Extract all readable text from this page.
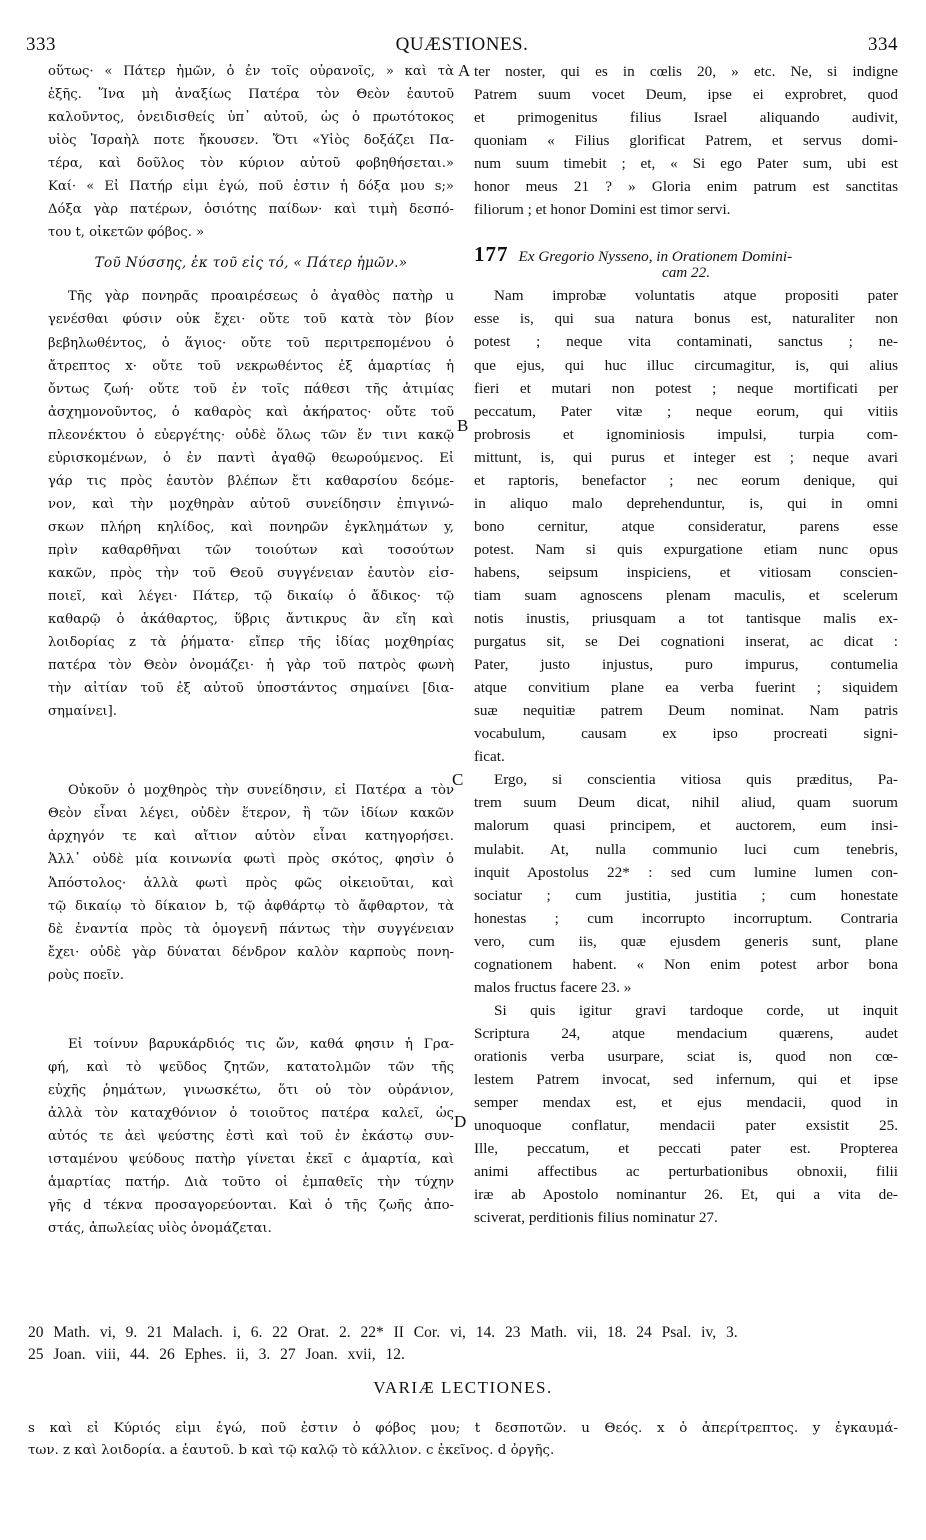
333	QUÆSTIONES.	334
A
B
C
D
οὕτως· « Πάτερ ἡμῶν, ὁ ἐν τοῖς οὐρανοῖς, » καὶ τὰ
ἑξῆς. Ἵνα μὴ ἀναξίως Πατέρα τὸν Θεὸν ἑαυτοῦ
καλοῦντος, ὀνειδισθείς ὑπ᾽ αὐτοῦ, ὡς ὁ πρωτότοκος
υἱὸς Ἰσραὴλ ποτε ἤκουσεν. Ὅτι «Υἱὸς δοξάζει Πα-
τέρα, καὶ δοῦλος τὸν κύριον αὐτοῦ φοβηθήσεται.»
Καί· « Εἰ Πατήρ εἰμι ἐγώ, ποῦ ἐστιν ἡ δόξα μου s;»
Δόξα γὰρ πατέρων, ὁσιότης παίδων· καὶ τιμὴ δεσπό-
του t, οἰκετῶν φόβος. »
Τοῦ Νύσσης, ἐκ τοῦ εἰς τό, « Πάτερ ἡμῶν.»
Τῆς γὰρ πονηρᾶς προαιρέσεως ὁ ἀγαθὸς πατὴρ u
γενέσθαι φύσιν οὐκ ἔχει· οὔτε τοῦ κατὰ τὸν βίον
βεβηλωθέντος, ὁ ἅγιος· οὔτε τοῦ περιτρεπομένου ὁ
ἄτρεπτος x· οὔτε τοῦ νεκρωθέντος ἐξ ἁμαρτίας ἡ
ὄντως ζωή· οὔτε τοῦ ἐν τοῖς πάθεσι τῆς ἀτιμίας
ἀσχημονοῦντος, ὁ καθαρὸς καὶ ἀκήρατος· οὔτε τοῦ
πλεονέκτου ὁ εὐεργέτης· οὐδὲ ὅλως τῶν ἔν τινι κακῷ
εὑρισκομένων, ὁ ἐν παντὶ ἀγαθῷ θεωρούμενος. Εἰ
γάρ τις πρὸς ἑαυτὸν βλέπων ἔτι καθαρσίου δεόμε-
νον, καὶ τὴν μοχθηρὰν αὐτοῦ συνείδησιν ἐπιγινώ-
σκων πλήρη κηλίδος, καὶ πονηρῶν ἐγκλημάτων y,
πρὶν καθαρθῆναι τῶν τοιούτων καὶ τοσούτων
κακῶν, πρὸς τὴν τοῦ Θεοῦ συγγένειαν ἑαυτὸν εἰσ-
ποιεῖ, καὶ λέγει· Πάτερ, τῷ δικαίῳ ὁ ἄδικος· τῷ
καθαρῷ ὁ ἀκάθαρτος, ὕβρις ἄντικρυς ἂν εἴη καὶ
λοιδορίας z τὰ ῥήματα· εἴπερ τῆς ἰδίας μοχθηρίας
πατέρα τὸν Θεὸν ὀνομάζει· ἡ γὰρ τοῦ πατρὸς φωνὴ
τὴν αἰτίαν τοῦ ἐξ αὐτοῦ ὑποστάντος σημαίνει [δια-
σημαίνει].
Οὐκοῦν ὁ μοχθηρὸς τὴν συνείδησιν, εἰ Πατέρα a τὸν
Θεὸν εἶναι λέγει, οὐδὲν ἕτερον, ἢ τῶν ἰδίων κακῶν
ἀρχηγόν τε καὶ αἴτιον αὐτὸν εἶναι κατηγορήσει.
Ἀλλ᾽ οὐδὲ μία κοινωνία φωτὶ πρὸς σκότος, φησὶν ὁ
Ἀπόστολος· ἀλλὰ φωτὶ πρὸς φῶς οἰκειοῦται, καὶ
τῷ δικαίῳ τὸ δίκαιον b, τῷ ἀφθάρτῳ τὸ ἄφθαρτον, τὰ
δὲ ἐναντία πρὸς τὰ ὁμογενῆ πάντως τὴν συγγένειαν
ἔχει· οὐδὲ γὰρ δύναται δένδρον καλὸν καρποὺς πονη-
ροὺς ποεῖν.
Εἰ τοίνυν βαρυκάρδιός τις ὤν, καθά φησιν ἡ Γρα-
φή, καὶ τὸ ψεῦδος ζητῶν, κατατολμῶν τῶν τῆς
εὐχῆς ῥημάτων, γινωσκέτω, ὅτι οὐ τὸν οὐράνιον,
ἀλλὰ τὸν καταχθόνιον ὁ τοιοῦτος πατέρα καλεῖ, ὡς
αὐτός τε ἀεὶ ψεύστης ἐστὶ καὶ τοῦ ἐν ἑκάστῳ συν-
ισταμένου ψεύδους πατὴρ γίνεται ἐκεῖ c ἁμαρτία, καὶ
ἁμαρτίας πατήρ. Διὰ τοῦτο οἱ ἐμπαθεῖς τὴν τύχην
γῆς d τέκνα προσαγορεύονται. Καὶ ὁ τῆς ζωῆς ἀπο-
στάς, ἀπωλείας υἱὸς ὀνομάζεται.
ter noster, qui es in cœlis 20, » etc. Ne, si indigne
Patrem suum vocet Deum, ipse ei exprobret, quod
et primogenitus filius Israel aliquando audivit,
quoniam « Filius glorificat Patrem, et servus domi-
num suum timebit ; et, « Si ego Pater sum, ubi est
honor meus 21 ? » Gloria enim patrum est sanctitas
filiorum ; et honor Domini est timor servi.
177 Ex Gregorio Nysseno, in Orationem Domini-
cam 22.
Nam improbæ voluntatis atque propositi pater
esse is, qui sua natura bonus est, naturaliter non
potest ; neque vita contaminati, sanctus ; ne-
que ejus, qui huc illuc circumagitur, is, qui alius
fieri et mutari non potest ; neque mortificati per
peccatum, Pater vitæ ; neque eorum, qui vitiis
probrosis et ignominiosis impulsi, turpia com-
mittunt, is, qui purus et integer est ; neque avari
et raptoris, benefactor ; nec eorum denique, qui
in aliquo malo deprehenduntur, is, qui in omni
bono cernitur, atque consideratur, parens esse
potest. Nam si quis expurgatione etiam nunc opus
habens, seipsum inspiciens, et vitiosam conscien-
tiam suam agnoscens plenam maculis, et scelerum
notis inustis, priusquam a tot tantisque malis ex-
purgatus sit, se Dei cognationi inserat, ac dicat :
Pater, justo injustus, puro impurus, contumelia
atque convitium plane ea verba fuerint ; siquidem
suæ nequitiæ patrem Deum nominat. Nam patris
vocabulum, causam ex ipso procreati signi-
ficat.
Ergo, si conscientia vitiosa quis præditus, Pa-
trem suum Deum dicat, nihil aliud, quam suorum
malorum quasi principem, et auctorem, eum insi-
mulabit. At, nulla communio luci cum tenebris,
inquit Apostolus 22* : sed cum lumine lumen con-
sociatur ; cum justitia, justitia ; cum honestate
honestas ; cum incorrupto incorruptum. Contraria
vero, cum iis, quæ ejusdem generis sunt, plane
cognationem habent. « Non enim potest arbor bona
malos fructus facere 23. »
Si quis igitur gravi tardoque corde, ut inquit
Scriptura 24, atque mendacium quærens, audet
orationis verba usurpare, sciat is, quod non cœ-
lestem Patrem invocat, sed infernum, qui et ipse
semper mendax est, et ejus mendacii, quod in
unoquoque conflatur, mendacii pater exsistit 25.
Ille, peccatum, et peccati pater est. Propterea
animi affectibus ac perturbationibus obnoxii, filii
iræ ab Apostolo nominantur 26. Et, qui a vita de-
sciverat, perditionis filius nominatur 27.
20 Math. vi, 9. 21 Malach. i, 6. 22 Orat. 2. 22* II Cor. vi, 14. 23 Math. vii, 18. 24 Psal. iv, 3.
25 Joan. viii, 44. 26 Ephes. ii, 3. 27 Joan. xvii, 12.
VARIÆ LECTIONES.
s καὶ εἰ Κύριός εἰμι ἐγώ, ποῦ ἐστιν ὁ φόβος μου; t δεσποτῶν. u Θεός. x ὁ ἀπερίτρεπτος. y ἐγκαυμά-
των. z καὶ λοιδορία. a ἑαυτοῦ. b καὶ τῷ καλῷ τὸ κάλλιον. c ἐκεῖνος. d ὀργῆς.
